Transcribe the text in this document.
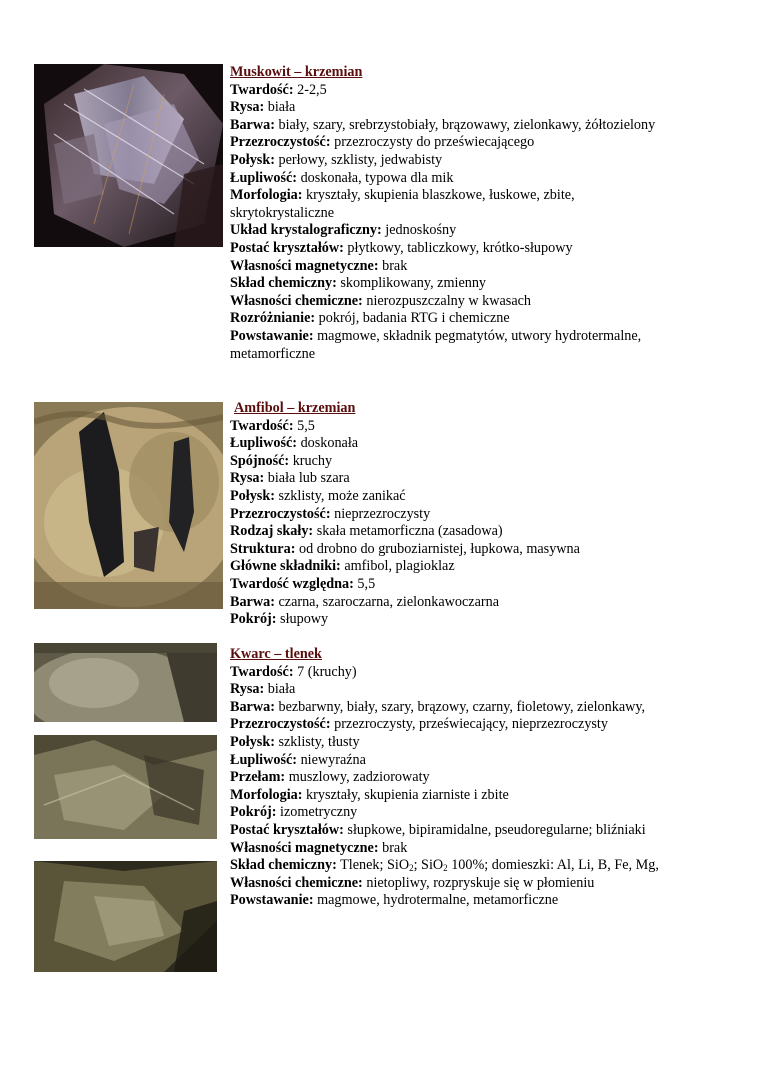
Muskowit – krzemian
Twardość: 2-2,5
Rysa: biała
Barwa: biały, szary, srebrzystobiały, brązowawy, zielonkawy, żółtozielony
Przezroczystość: przezroczysty do przeświecającego
Połysk: perłowy, szklisty, jedwabisty
Łupliwość: doskonała, typowa dla mik
Morfologia: kryształy, skupienia blaszkowe, łuskowe, zbite, skrytokrystaliczne
Układ krystalograficzny: jednoskośny
Postać kryształów: płytkowy, tabliczkowy, krótko-słupowy
Własności magnetyczne: brak
Skład chemiczny: skomplikowany, zmienny
Własności chemiczne: nierozpuszczalny w kwasach
Rozróżnianie: pokrój, badania RTG i chemiczne
Powstawanie: magmowe, składnik pegmatytów, utwory hydrotermalne, metamorficzne
Amfibol – krzemian
Twardość: 5,5
Łupliwość: doskonała
Spójność: kruchy
Rysa: biała lub szara
Połysk: szklisty, może zanikać
Przezroczystość: nieprzezroczysty
Rodzaj skały: skała metamorficzna (zasadowa)
Struktura: od drobno do gruboziarnistej, łupkowa, masywna
Główne składniki: amfibol, plagioklaz
Twardość względna: 5,5
Barwa: czarna, szaroczarna, zielonkawoczarna
Pokrój: słupowy
Kwarc – tlenek
Twardość: 7 (kruchy)
Rysa: biała
Barwa: bezbarwny, biały, szary, brązowy, czarny, fioletowy, zielonkawy,
Przezroczystość: przezroczysty, przeświecający, nieprzezroczysty
Połysk: szklisty, tłusty
Łupliwość: niewyraźna
Przełam: muszlowy, zadziorowaty
Morfologia: kryształy, skupienia ziarniste i zbite
Pokrój: izometryczny
Postać kryształów: słupkowe, bipiramidalne, pseudoregularne; bliźniaki
Własności magnetyczne: brak
Skład chemiczny: Tlenek; SiO$_2$; SiO$_2$ 100%; domieszki: Al, Li, B, Fe, Mg,
Własności chemiczne: nietopliwy, rozpryskuje się w płomieniu
Powstawanie: magmowe, hydrotermalne, metamorficzne
